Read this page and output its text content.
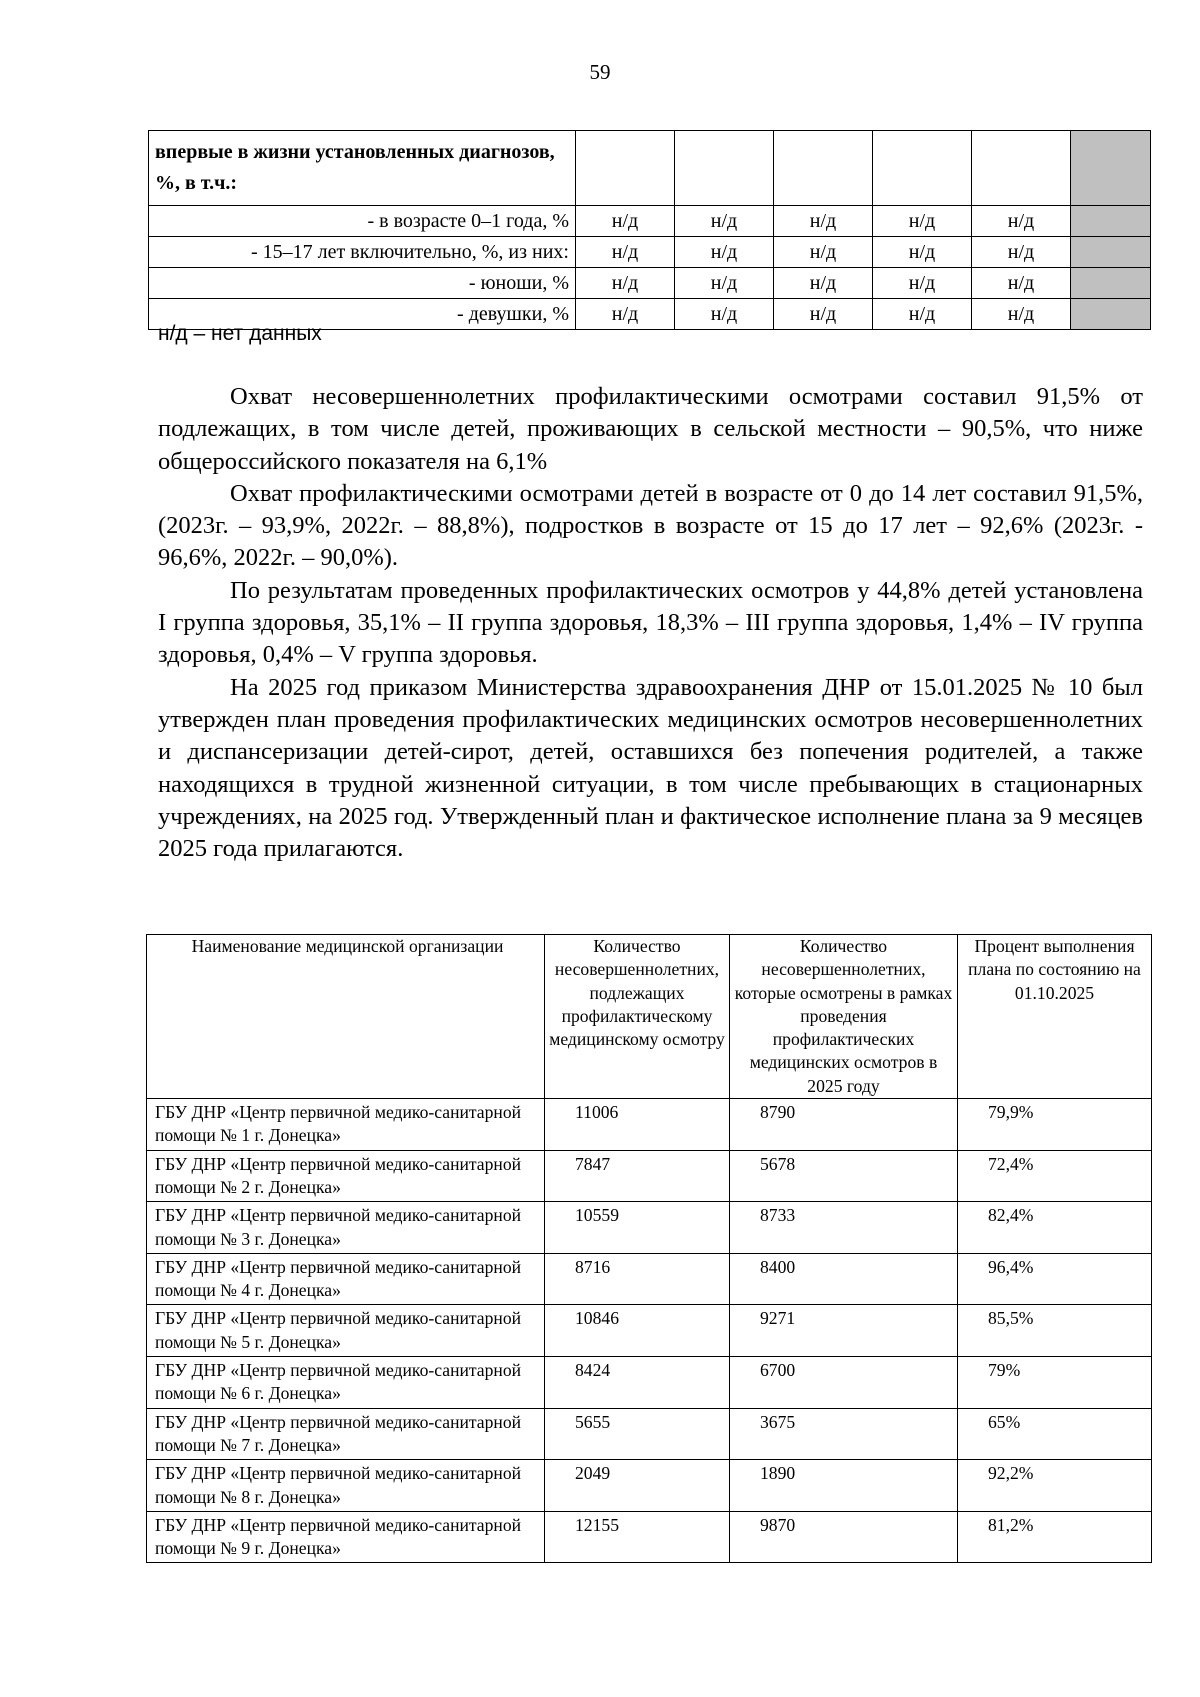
59
впервые в жизни установленных диагнозов, %, в т.ч.:						
- в возрасте 0–1 года, %	н/д	н/д	н/д	н/д	н/д	
- 15–17 лет включительно, %, из них:	н/д	н/д	н/д	н/д	н/д	
- юноши, %	н/д	н/д	н/д	н/д	н/д	
- девушки, %	н/д	н/д	н/д	н/д	н/д	
н/д – нет данных

Охват несовершеннолетних профилактическими осмотрами составил 91,5% от подлежащих, в том числе детей, проживающих в сельской местности – 90,5%, что ниже общероссийского показателя на 6,1%

Охват профилактическими осмотрами детей в возрасте от 0 до 14 лет составил 91,5%, (2023г. – 93,9%, 2022г. – 88,8%), подростков в возрасте от 15 до 17 лет – 92,6% (2023г. - 96,6%, 2022г. – 90,0%).

По результатам проведенных профилактических осмотров у 44,8% детей установлена I группа здоровья, 35,1% – II группа здоровья, 18,3% – III группа здоровья, 1,4% – IV группа здоровья, 0,4% – V группа здоровья.

На 2025 год приказом Министерства здравоохранения ДНР от 15.01.2025 № 10 был утвержден план проведения профилактических медицинских осмотров несовершеннолетних и диспансеризации детей-сирот, детей, оставшихся без попечения родителей, а также находящихся в трудной жизненной ситуации, в том числе пребывающих в стационарных учреждениях, на 2025 год. Утвержденный план и фактическое исполнение плана за 9 месяцев 2025 года прилагаются.

Наименование медицинской организации	Количество несовершеннолетних, подлежащих профилактическому медицинскому осмотру	Количество несовершеннолетних, которые осмотрены в рамках проведения профилактических медицинских осмотров в 2025 году	Процент выполнения плана по состоянию на 01.10.2025
ГБУ ДНР «Центр первичной медико-санитарной помощи № 1 г. Донецка»	11006	8790	79,9%
ГБУ ДНР «Центр первичной медико-санитарной помощи № 2 г. Донецка»	7847	5678	72,4%
ГБУ ДНР «Центр первичной медико-санитарной помощи № 3 г. Донецка»	10559	8733	82,4%
ГБУ ДНР «Центр первичной медико-санитарной помощи № 4 г. Донецка»	8716	8400	96,4%
ГБУ ДНР «Центр первичной медико-санитарной помощи № 5 г. Донецка»	10846	9271	85,5%
ГБУ ДНР «Центр первичной медико-санитарной помощи № 6 г. Донецка»	8424	6700	79%
ГБУ ДНР «Центр первичной медико-санитарной помощи № 7 г. Донецка»	5655	3675	65%
ГБУ ДНР «Центр первичной медико-санитарной помощи № 8 г. Донецка»	2049	1890	92,2%
ГБУ ДНР «Центр первичной медико-санитарной помощи № 9 г. Донецка»	12155	9870	81,2%
